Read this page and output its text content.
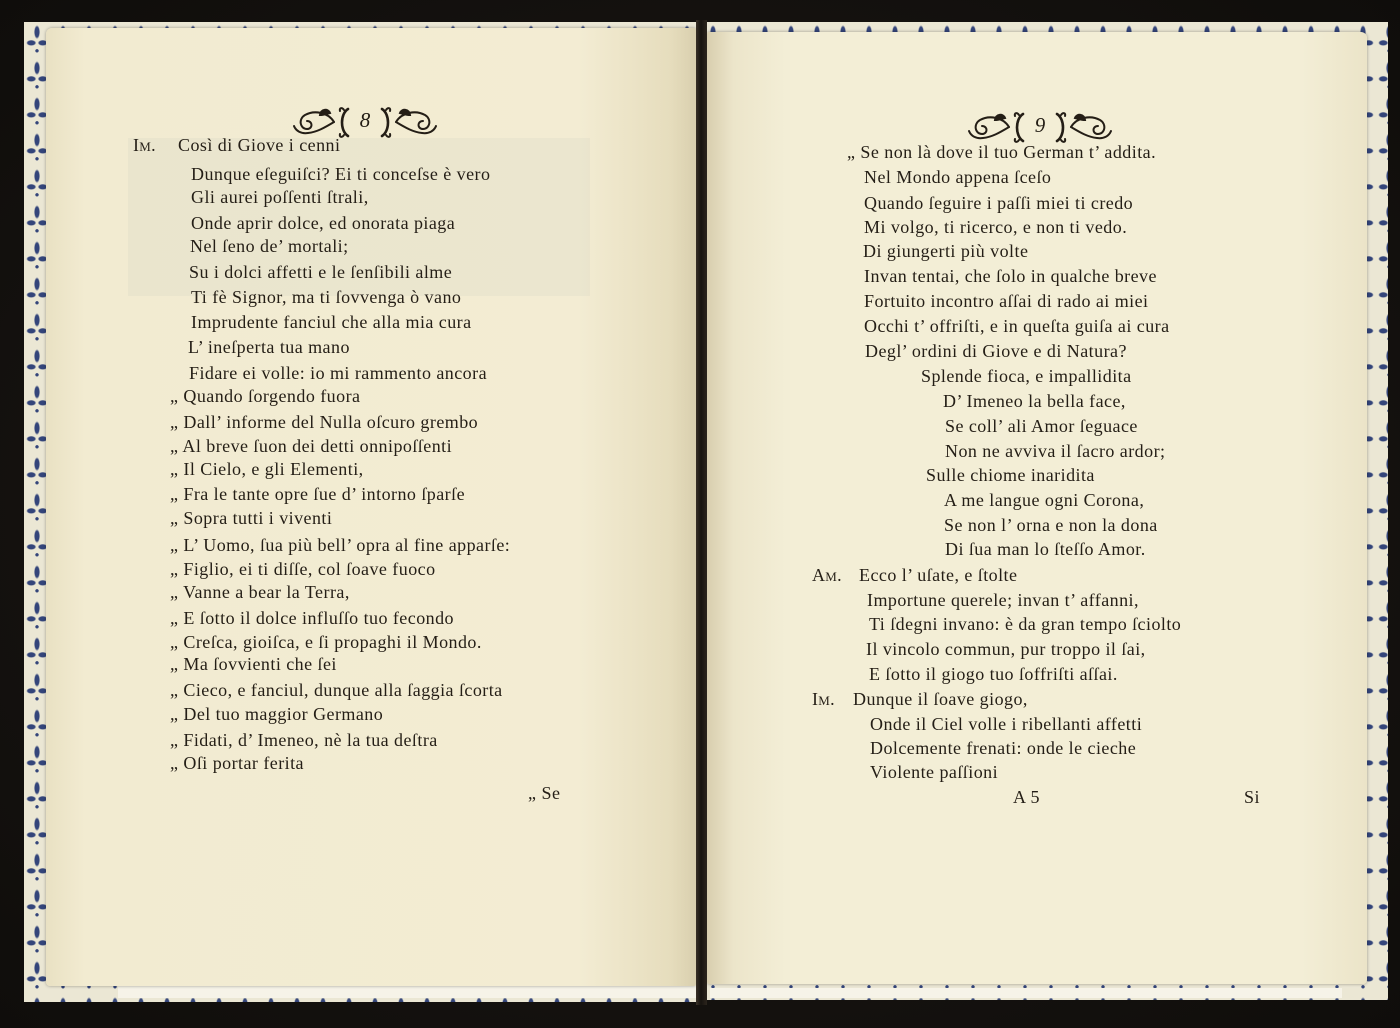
8	9
„ Se	A 5	Si
Così di Giove i cenni
Dunque eſeguiſci? Ei ti conceſse è vero
Gli aurei poſſenti ſtrali,
Onde aprir dolce, ed onorata piaga
Nel ſeno de’ mortali;
Su i dolci affetti e le ſenſibili alme
Ti fè Signor, ma ti ſovvenga ò vano
Imprudente fanciul che alla mia cura
L’ ineſperta tua mano
Fidare ei volle: io mi rammento ancora
„ Quando ſorgendo fuora
„ Dall’ informe del Nulla oſcuro grembo
„ Al breve ſuon dei detti onnipoſſenti
„ Il Cielo, e gli Elementi,
„ Fra le tante opre ſue d’ intorno ſparſe
„ Sopra tutti i viventi
„ L’ Uomo, ſua più bell’ opra al fine apparſe:
„ Figlio, ei ti diſſe, col ſoave fuoco
„ Vanne a bear la Terra,
„ E ſotto il dolce influſſo tuo fecondo
„ Creſca, gioiſca, e ſi propaghi il Mondo.
„ Ma ſovvienti che ſei
„ Cieco, e fanciul, dunque alla ſaggia ſcorta
„ Del tuo maggior Germano
„ Fidati, d’ Imeneo, nè la tua deſtra
„ Oſi portar ferita
„ Se non là dove il tuo German t’ addita.
Nel Mondo appena ſceſo
Quando ſeguire i paſſi miei ti credo
Mi volgo, ti ricerco, e non ti vedo.
Di giungerti più volte
Invan tentai, che ſolo in qualche breve
Fortuito incontro aſſai di rado ai miei
Occhi t’ offriſti, e in queſta guiſa ai cura
Degl’ ordini di Giove e di Natura?
Splende fioca, e impallidita
D’ Imeneo la bella face,
Se coll’ ali Amor ſeguace
Non ne avviva il ſacro ardor;
Sulle chiome inaridita
A me langue ogni Corona,
Se non l’ orna e non la dona
Di ſua man lo ſteſſo Amor.
Ecco l’ uſate, e ſtolte
Importune querele; invan t’ affanni,
Ti ſdegni invano: è da gran tempo ſciolto
Il vincolo commun, pur troppo il ſai,
E ſotto il giogo tuo ſoffriſti aſſai.
Dunque il ſoave giogo,
Onde il Ciel volle i ribellanti affetti
Dolcemente frenati: onde le cieche
Violente paſſioni
Im.
Am.
Im.
